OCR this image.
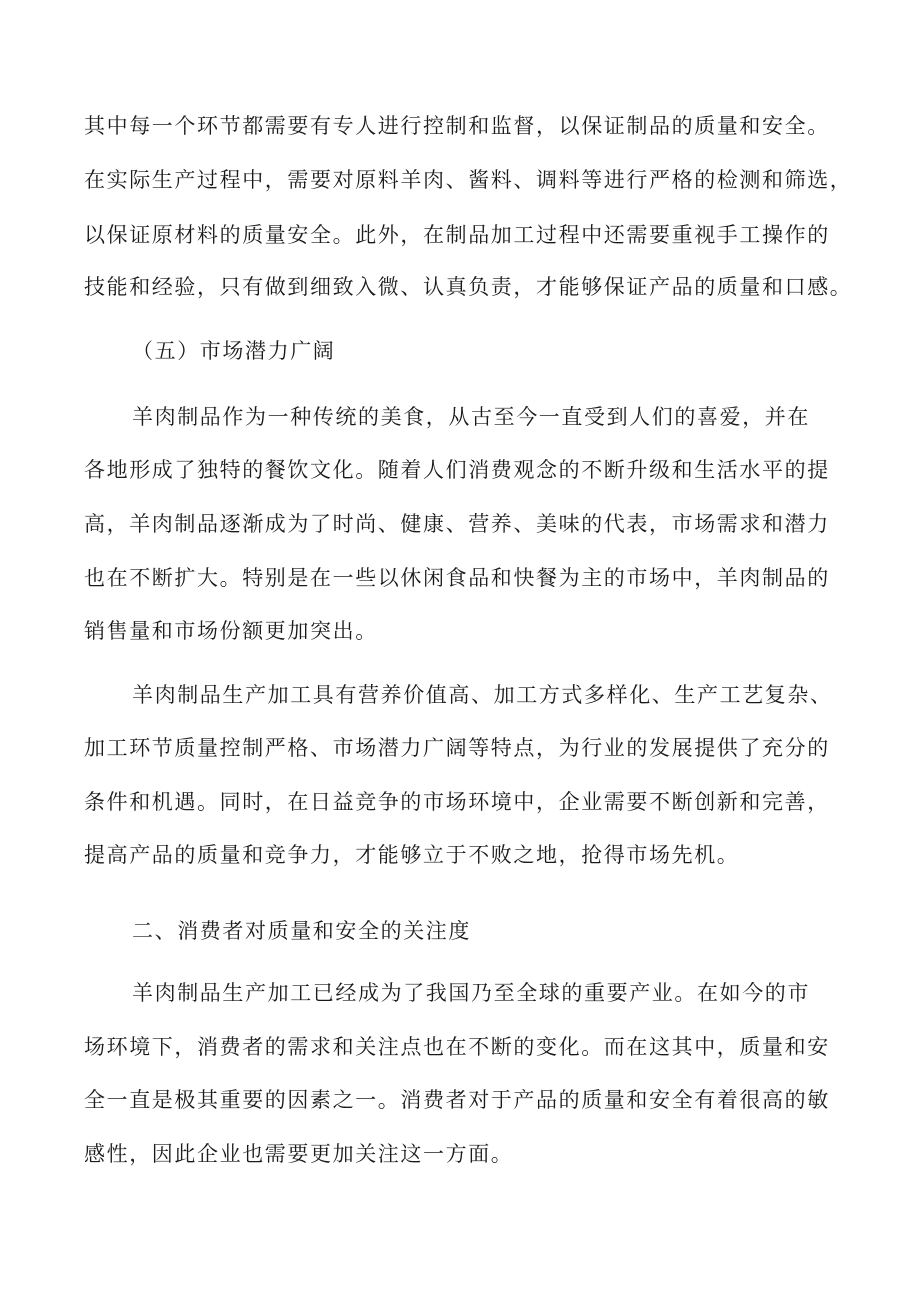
其中每一个环节都需要有专人进行控制和监督，以保证制品的质量和安全。
在实际生产过程中，需要对原料羊肉、酱料、调料等进行严格的检测和筛选，
以保证原材料的质量安全。此外，在制品加工过程中还需要重视手工操作的
技能和经验，只有做到细致入微、认真负责，才能够保证产品的质量和口感。
（五）市场潜力广阔
羊肉制品作为一种传统的美食，从古至今一直受到人们的喜爱，并在
各地形成了独特的餐饮文化。随着人们消费观念的不断升级和生活水平的提
高，羊肉制品逐渐成为了时尚、健康、营养、美味的代表，市场需求和潜力
也在不断扩大。特别是在一些以休闲食品和快餐为主的市场中，羊肉制品的
销售量和市场份额更加突出。
羊肉制品生产加工具有营养价值高、加工方式多样化、生产工艺复杂、
加工环节质量控制严格、市场潜力广阔等特点，为行业的发展提供了充分的
条件和机遇。同时，在日益竞争的市场环境中，企业需要不断创新和完善，
提高产品的质量和竞争力，才能够立于不败之地，抢得市场先机。
二、消费者对质量和安全的关注度
羊肉制品生产加工已经成为了我国乃至全球的重要产业。在如今的市
场环境下，消费者的需求和关注点也在不断的变化。而在这其中，质量和安
全一直是极其重要的因素之一。消费者对于产品的质量和安全有着很高的敏
感性，因此企业也需要更加关注这一方面。
